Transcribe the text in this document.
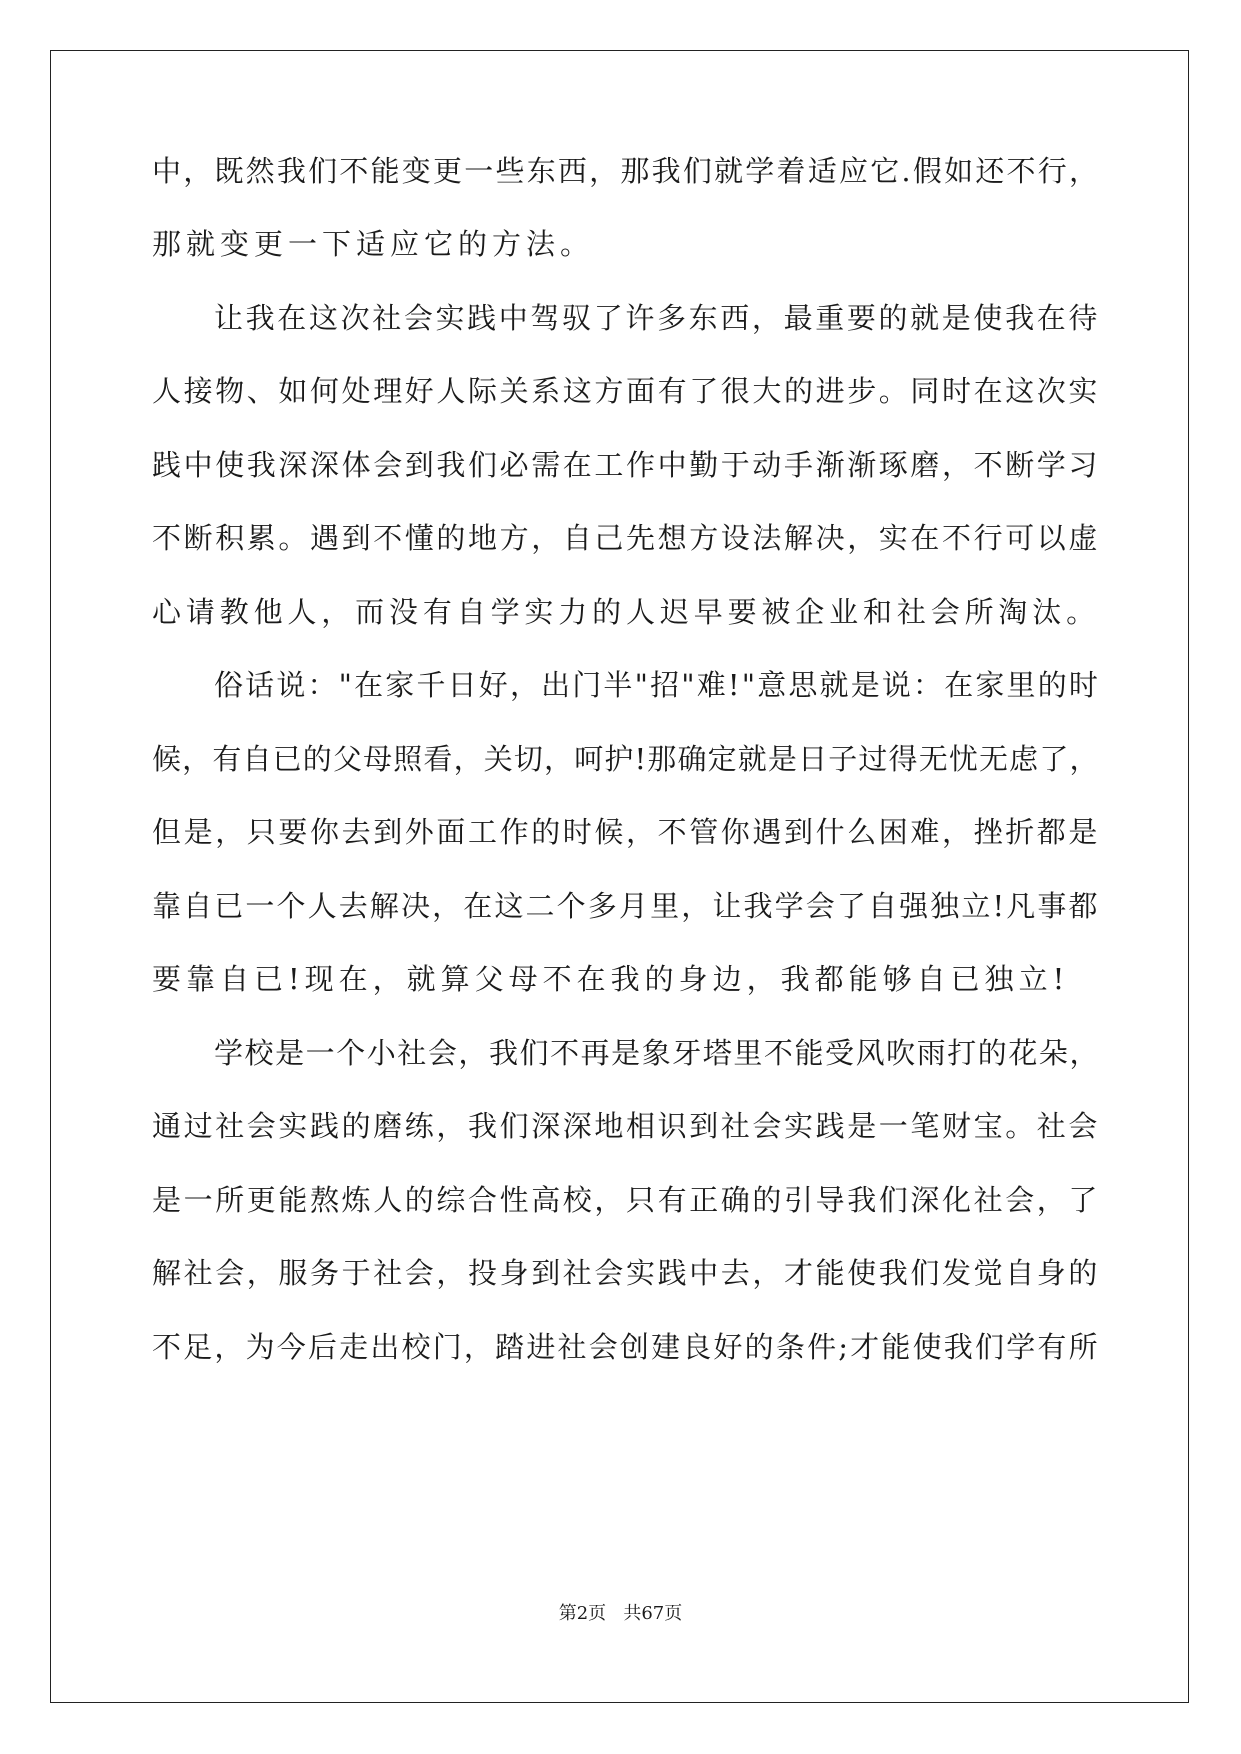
中，既然我们不能变更一些东西，那我们就学着适应它.假如还不行，
那就变更一下适应它的方法。
让我在这次社会实践中驾驭了许多东西，最重要的就是使我在待
人接物、如何处理好人际关系这方面有了很大的进步。同时在这次实
践中使我深深体会到我们必需在工作中勤于动手渐渐琢磨，不断学习
不断积累。遇到不懂的地方，自己先想方设法解决，实在不行可以虚
心请教他人，而没有自学实力的人迟早要被企业和社会所淘汰。
俗话说："在家千日好，出门半"招"难!"意思就是说：在家里的时
候，有自已的父母照看，关切，呵护!那确定就是日子过得无忧无虑了，
但是，只要你去到外面工作的时候，不管你遇到什么困难，挫折都是
靠自已一个人去解决，在这二个多月里，让我学会了自强独立!凡事都
要靠自已!现在，就算父母不在我的身边，我都能够自已独立!
学校是一个小社会，我们不再是象牙塔里不能受风吹雨打的花朵，
通过社会实践的磨练，我们深深地相识到社会实践是一笔财宝。社会
是一所更能熬炼人的综合性高校，只有正确的引导我们深化社会，了
解社会，服务于社会，投身到社会实践中去，才能使我们发觉自身的
不足，为今后走出校门，踏进社会创建良好的条件;才能使我们学有所
第2页   共67页
